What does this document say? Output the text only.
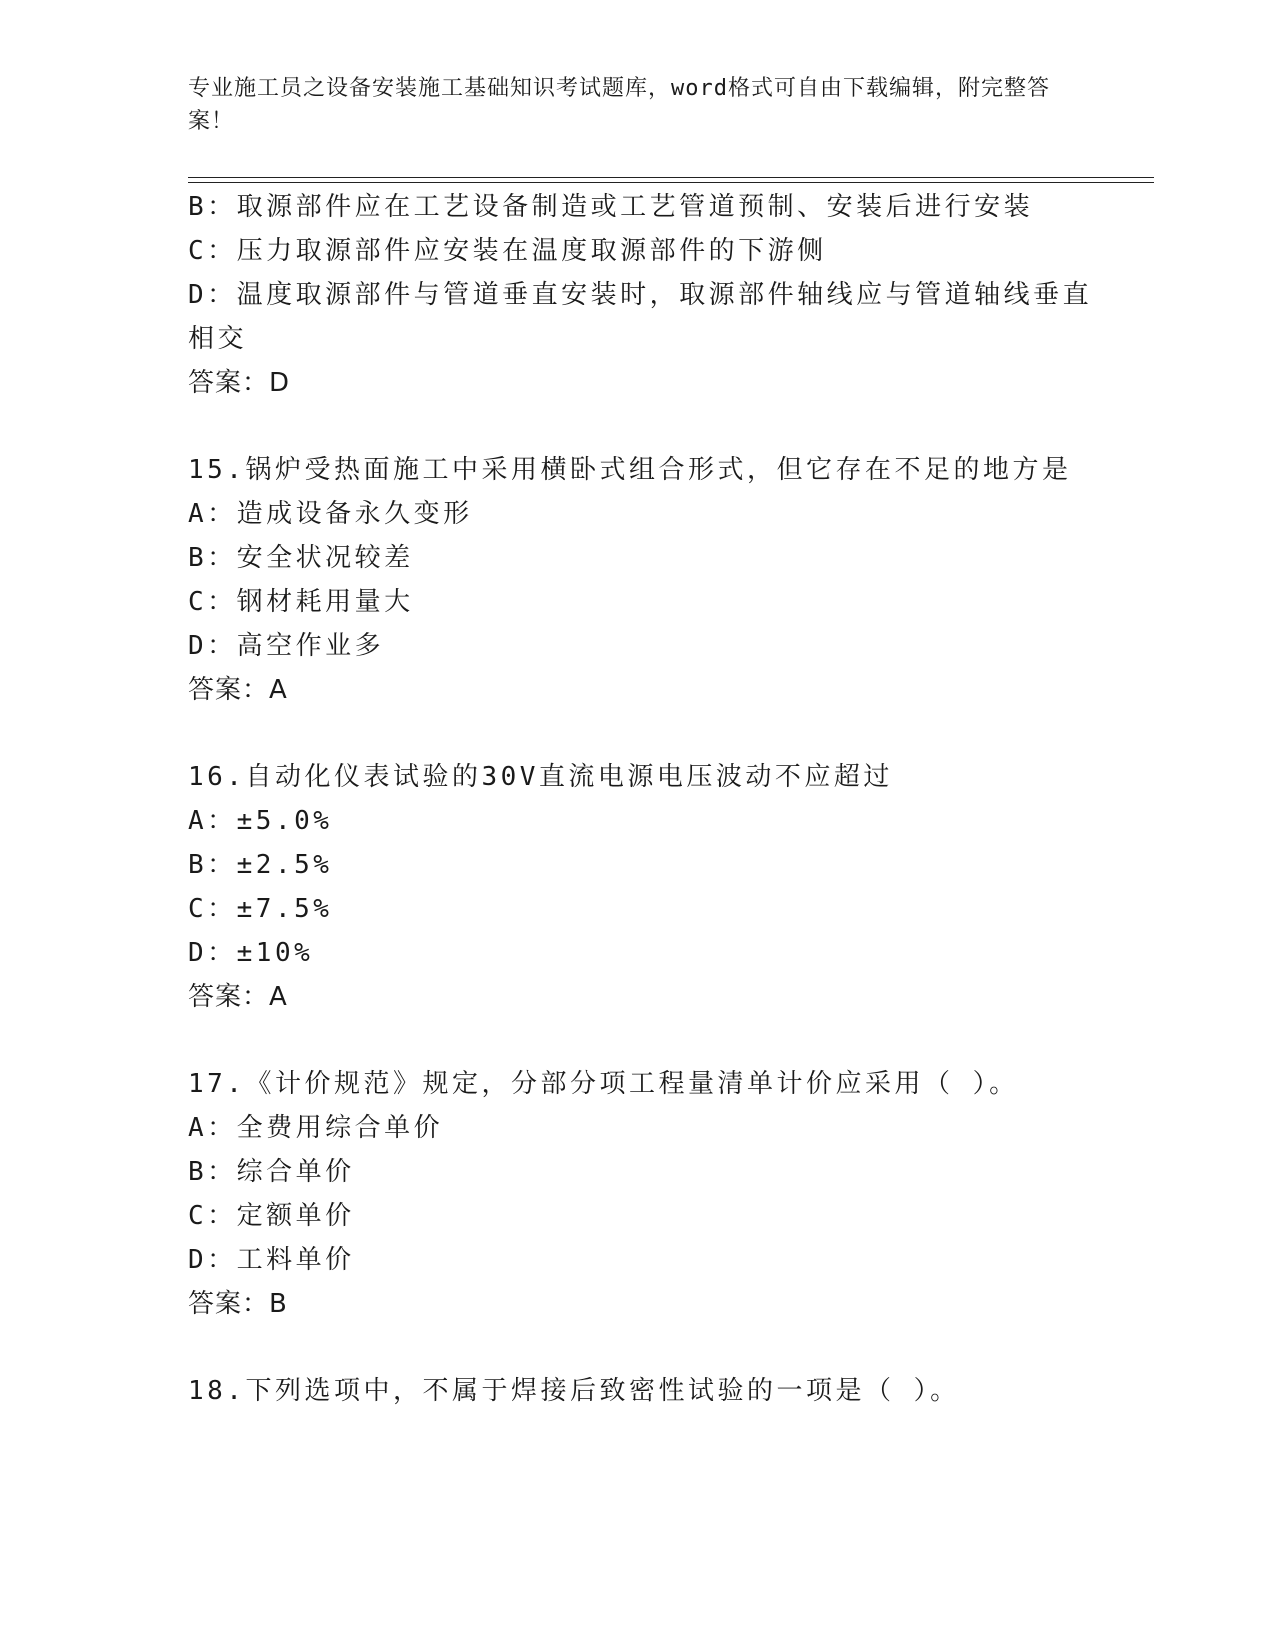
专业施工员之设备安装施工基础知识考试题库，word格式可自由下载编辑，附完整答案！
B：取源部件应在工艺设备制造或工艺管道预制、安装后进行安装
C：压力取源部件应安装在温度取源部件的下游侧
D：温度取源部件与管道垂直安装时，取源部件轴线应与管道轴线垂直
相交
答案：D
15.锅炉受热面施工中采用横卧式组合形式，但它存在不足的地方是
A：造成设备永久变形
B：安全状况较差
C：钢材耗用量大
D：高空作业多
答案：A
16.自动化仪表试验的30V直流电源电压波动不应超过
A：±5.0%
B：±2.5%
C：±7.5%
D：±10%
答案：A
17.《计价规范》规定，分部分项工程量清单计价应采用（ ）。
A：全费用综合单价
B：综合单价
C：定额单价
D：工料单价
答案：B
18.下列选项中，不属于焊接后致密性试验的一项是（ ）。
